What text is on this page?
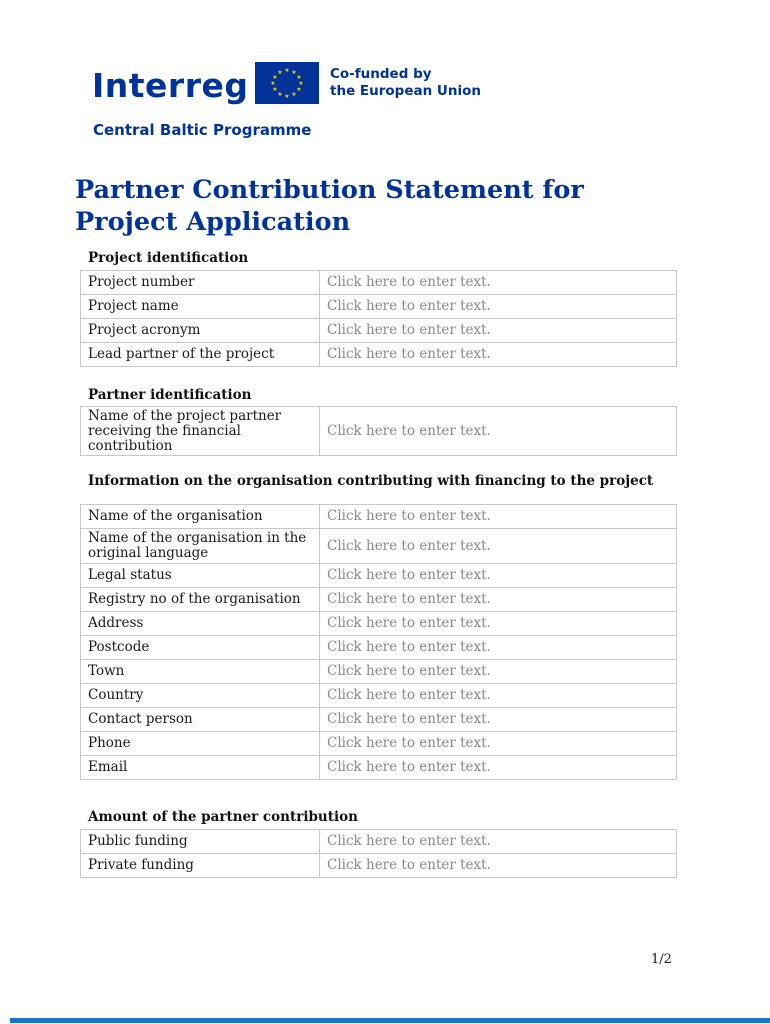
Interreg	★ ★
★
★
★
★
★
★
★
★
★
★	Co-funded by
the European Union
Central Baltic Programme
Partner Contribution Statement for Project Application
Project identification
Project number	Click here to enter text.
Project name	Click here to enter text.
Project acronym	Click here to enter text.
Lead partner of the project	Click here to enter text.
Partner identification
Name of the project partner receiving the financial contribution	Click here to enter text.
Information on the organisation contributing with financing to the project
Name of the organisation	Click here to enter text.
Name of the organisation in the original language	Click here to enter text.
Legal status	Click here to enter text.
Registry no of the organisation	Click here to enter text.
Address	Click here to enter text.
Postcode	Click here to enter text.
Town	Click here to enter text.
Country	Click here to enter text.
Contact person	Click here to enter text.
Phone	Click here to enter text.
Email	Click here to enter text.
Amount of the partner contribution
Public funding	Click here to enter text.
Private funding	Click here to enter text.
1/2
